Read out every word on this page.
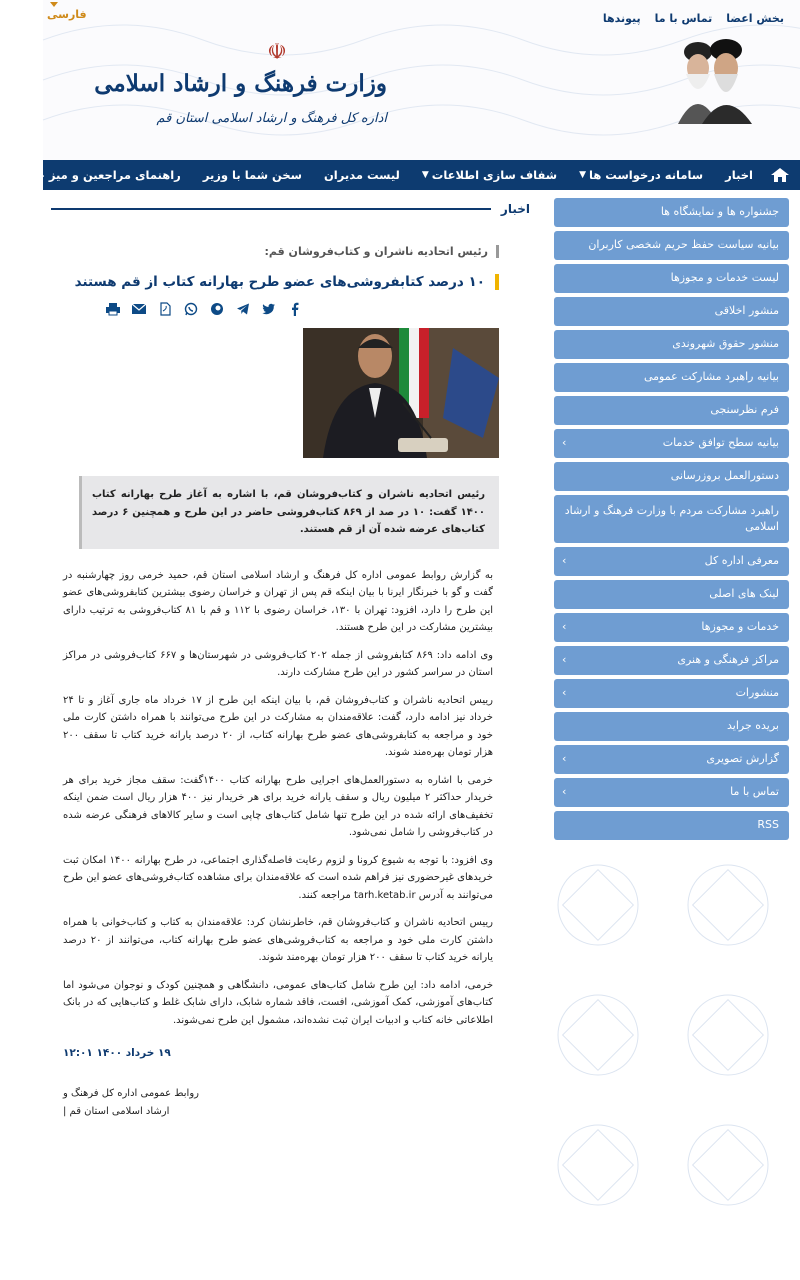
فارسی	بخش اعضا
تماس با ما
پیوندها
☫
وزارت فرهنگ و ارشاد اسلامی
اداره کل فرهنگ و ارشاد اسلامی استان قم
اخبار
سامانه درخواست ها
▼
شفاف سازی اطلاعات
▼
لیست مدیران
سخن شما با وزیر
راهنمای مراجعین و میز خدمت
جشنواره ها و نمایشگاه ها
بیانیه سیاست حفظ حریم شخصی کاربران
لیست خدمات و مجوزها
منشور اخلاقی
منشور حقوق شهروندی
بیانیه راهبرد مشارکت عمومی
فرم نظرسنجی
بیانیه سطح توافق خدمات
›
دستورالعمل بروزرسانی
راهبرد مشارکت مردم با وزارت فرهنگ و ارشاد اسلامی
معرفی اداره کل
›
لینک های اصلی
خدمات و مجوزها
›
مراکز فرهنگی و هنری
›
منشورات
›
بریده جراید
گزارش تصویری
›
تماس با ما
›
RSS
اخبار
رئیس اتحادیه ناشران و کتاب‌فروشان قم:
۱۰ درصد کتابفروشی‌های عضو طرح بهارانه کتاب از قم هستند
رئیس اتحادیه ناشران و کتاب‌فروشان قم، با اشاره به آغاز طرح بهارانه کتاب ۱۴۰۰ گفت: ۱۰ در صد از ۸۶۹ کتاب‌فروشی حاضر در این طرح و همچنین ۶ درصد کتاب‌های عرضه شده آن از قم هستند.

به گزارش روابط عمومی اداره کل فرهنگ و ارشاد اسلامی استان قم، حمید خرمی روز چهارشنبه در گفت و گو با خبرنگار ایرنا با بیان اینکه قم پس از تهران و خراسان رضوی بیشترین کتابفروشی‌های عضو این طرح را دارد، افزود: تهران با ۱۳۰، خراسان رضوی با ۱۱۲ و قم با ۸۱ کتاب‌فروشی به ترتیب دارای بیشترین مشارکت در این طرح هستند.

وی ادامه داد: ۸۶۹ کتابفروشی از جمله ۲۰۲ کتاب‌فروشی در شهرستان‌ها و ۶۶۷ کتاب‌فروشی در مراکز استان در سراسر کشور در این طرح مشارکت دارند.

رییس اتحادیه ناشران و کتاب‌فروشان قم، با بیان اینکه این طرح از ۱۷ خرداد ماه جاری آغاز و تا ۲۴ خرداد نیز ادامه دارد، گفت: علاقه‌مندان به مشارکت در این طرح می‌توانند با همراه داشتن کارت ملی خود و مراجعه به کتابفروشی‌های عضو طرح بهارانه کتاب، از ۲۰ درصد یارانه خرید کتاب تا سقف ۲۰۰ هزار تومان بهره‌مند شوند.

خرمی با اشاره به دستورالعمل‌های اجرایی طرح بهارانه کتاب ۱۴۰۰گفت: سقف مجاز خرید برای هر خریدار حداکثر ۲ میلیون ریال و سقف یارانه خرید برای هر خریدار نیز ۴۰۰ هزار ریال است ضمن اینکه تخفیف‌های ارائه شده در این طرح تنها شامل کتاب‌های چاپی است و سایر کالاهای فرهنگی عرضه شده در کتاب‌فروشی را شامل نمی‌شود.

وی افزود: با توجه به شیوع کرونا و لزوم رعایت فاصله‌گذاری اجتماعی، در طرح بهارانه ۱۴۰۰ امکان ثبت خریدهای غیرحضوری نیز فراهم شده است که علاقه‌مندان برای مشاهده کتاب‌فروشی‌های عضو این طرح می‌توانند به آدرس tarh.ketab.ir مراجعه کنند.

رییس اتحادیه ناشران و کتاب‌فروشان قم، خاطرنشان کرد: علاقه‌مندان به کتاب و کتاب‌خوانی با همراه داشتن کارت ملی خود و مراجعه به کتاب‌فروشی‌های عضو طرح بهارانه کتاب، می‌توانند از ۲۰ درصد یارانه خرید کتاب تا سقف ۲۰۰ هزار تومان بهره‌مند شوند.

خرمی، ادامه داد: این طرح شامل کتاب‌های عمومی، دانشگاهی و همچنین کودک و نوجوان می‌شود اما کتاب‌های آموزشی، کمک آموزشی، افست، فاقد شماره شابک، دارای شابک غلط و کتاب‌هایی که در بانک اطلاعاتی خانه کتاب و ادبیات ایران ثبت نشده‌اند، مشمول این طرح نمی‌شوند.

۱۹ خرداد ۱۴۰۰ ۱۲:۰۱
روابط عمومی اداره کل فرهنگ و ارشاد اسلامی استان قم |
